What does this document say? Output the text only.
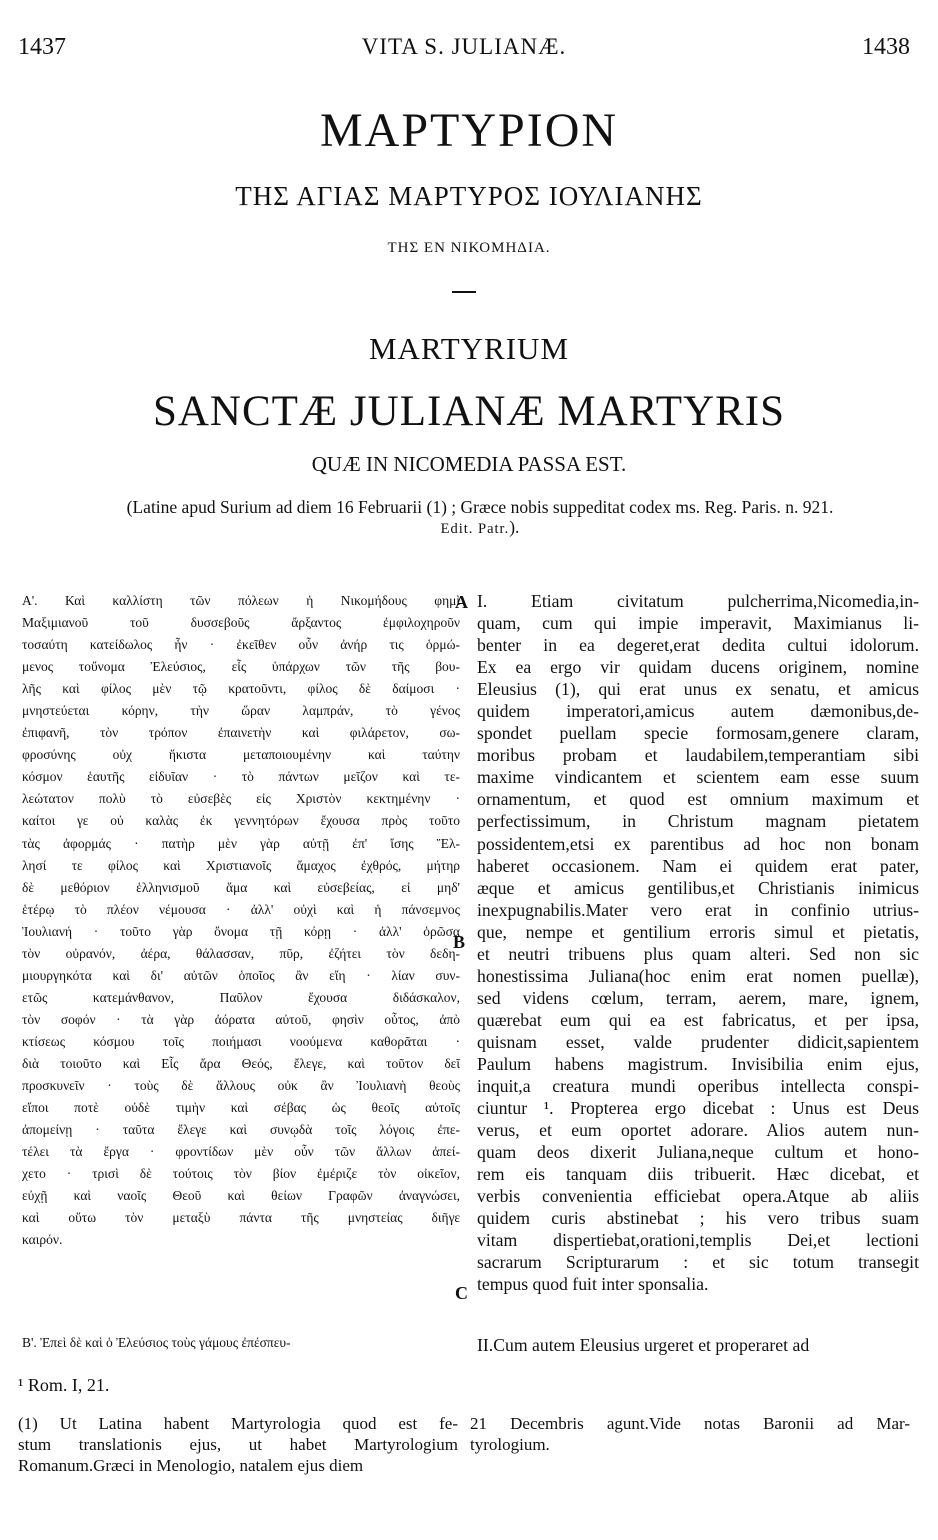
1437	VITA S. JULIANÆ.	1438
ΜΑΡΤΥΡΙΟΝ
ΤΗΣ ΑΓΙΑΣ ΜΑΡΤΥΡΟΣ ΙΟΥΛΙΑΝΗΣ
ΤΗΣ ΕΝ ΝΙΚΟΜΗΔΙΑ.
MARTYRIUM
SANCTÆ JULIANÆ MARTYRIS
QUÆ IN NICOMEDIA PASSA EST.
(Latine apud Surium ad diem 16 Februarii (1) ; Græce nobis suppeditat codex ms. Reg. Paris. n. 921.
Edit. Patr.).
Α'. Καὶ καλλίστη τῶν πόλεων ἡ Νικομήδους φημὶ
Μαξιμιανοῦ τοῦ δυσσεβοῦς ἄρξαντος ἐμφιλοχηροῦν
τοσαύτη κατείδωλος ἦν · ἐκεῖθεν οὖν ἀνήρ τις ὁρμώ-
μενος τοὔνομα Ἐλεύσιος, εἷς ὑπάρχων τῶν τῆς βου-
λῆς καὶ φίλος μὲν τῷ κρατοῦντι, φίλος δὲ δαίμοσι ·
μνηστεύεται κόρην, τὴν ὥραν λαμπράν, τὸ γένος
ἐπιφανῆ, τὸν τρόπον ἐπαινετὴν καὶ φιλάρετον, σω-
φροσύνης οὐχ ἥκιστα μεταποιουμένην καὶ ταύτην
κόσμον ἑαυτῆς εἰδυῖαν · τὸ πάντων μεῖζον καὶ τε-
λεώτατον πολὺ τὸ εὐσεβὲς εἰς Χριστὸν κεκτημένην ·
καίτοι γε οὐ καλὰς ἐκ γεννητόρων ἔχουσα πρὸς τοῦτο
τὰς ἀφορμάς · πατὴρ μὲν γὰρ αὐτῇ ἐπ' ἴσης Ἕλ-
λησί τε φίλος καὶ Χριστιανοῖς ἄμαχος ἐχθρός, μήτηρ
δὲ μεθόριον ἑλληνισμοῦ ἅμα καὶ εὐσεβείας, εἰ μηδ'
ἑτέρῳ τὸ πλέον νέμουσα · ἀλλ' οὐχὶ καὶ ἡ πάνσεμνος
Ἰουλιανή · τοῦτο γὰρ ὄνομα τῇ κόρῃ · ἀλλ' ὁρῶσα
τὸν οὐρανόν, ἀέρα, θάλασσαν, πῦρ, ἐζήτει τὸν δεδη-
μιουργηκότα καὶ δι' αὐτῶν ὁποῖος ἂν εἴη · λίαν συν-
ετῶς κατεμάνθανον, Παῦλον ἔχουσα διδάσκαλον,
τὸν σοφόν · τὰ γὰρ ἀόρατα αὐτοῦ, φησὶν οὗτος, ἀπὸ
κτίσεως κόσμου τοῖς ποιήμασι νοούμενα καθορᾶται ·
διὰ τοιοῦτο καὶ Εἷς ἄρα Θεός, ἔλεγε, καὶ τοῦτον δεῖ
προσκυνεῖν · τοὺς δὲ ἄλλους οὐκ ἂν Ἰουλιανὴ θεοὺς
εἴποι ποτὲ οὐδὲ τιμὴν καὶ σέβας ὡς θεοῖς αὐτοῖς
ἀπομείνῃ · ταῦτα ἔλεγε καὶ συνῳδὰ τοῖς λόγοις ἐπε-
τέλει τὰ ἔργα · φροντίδων μὲν οὖν τῶν ἄλλων ἀπεί-
χετο · τρισὶ δὲ τούτοις τὸν βίον ἐμέριζε τὸν οἰκεῖον,
εὐχῇ καὶ ναοῖς Θεοῦ καὶ θείων Γραφῶν ἀναγνώσει,
καὶ οὕτω τὸν μεταξὺ πάντα τῆς μνηστείας διῆγε
καιρόν.
I. Etiam civitatum pulcherrima,Nicomedia,in-
quam, cum qui impie imperavit, Maximianus li-
benter in ea degeret,erat dedita cultui idolorum.
Ex ea ergo vir quidam ducens originem, nomine
Eleusius (1), qui erat unus ex senatu, et amicus
quidem imperatori,amicus autem dæmonibus,de-
spondet puellam specie formosam,genere claram,
moribus probam et laudabilem,temperantiam sibi
maxime vindicantem et scientem eam esse suum
ornamentum, et quod est omnium maximum et
perfectissimum, in Christum magnam pietatem
possidentem,etsi ex parentibus ad hoc non bonam
haberet occasionem. Nam ei quidem erat pater,
æque et amicus gentilibus,et Christianis inimicus
inexpugnabilis.Mater vero erat in confinio utrius-
que, nempe et gentilium erroris simul et pietatis,
et neutri tribuens plus quam alteri. Sed non sic
honestissima Juliana(hoc enim erat nomen puellæ),
sed videns cœlum, terram, aerem, mare, ignem,
quærebat eum qui ea est fabricatus, et per ipsa,
quisnam esset, valde prudenter didicit,sapientem
Paulum habens magistrum. Invisibilia enim ejus,
inquit,a creatura mundi operibus intellecta conspi-
ciuntur ¹. Propterea ergo dicebat : Unus est Deus
verus, et eum oportet adorare. Alios autem nun-
quam deos dixerit Juliana,neque cultum et hono-
rem eis tanquam diis tribuerit. Hæc dicebat, et
verbis convenientia efficiebat opera.Atque ab aliis
quidem curis abstinebat ; his vero tribus suam
vitam dispertiebat,orationi,templis Dei,et lectioni
sacrarum Scripturarum : et sic totum transegit
tempus quod fuit inter sponsalia.
A
B
C
Β'. Ἐπεὶ δὲ καὶ ὁ Ἐλεύσιος τοὺς γάμους ἐπέσπευ-	II.Cum autem Eleusius urgeret et properaret ad
¹ Rom. I, 21.
(1) Ut Latina habent Martyrologia quod est fe-
stum translationis ejus, ut habet Martyrologium
Romanum.Græci in Menologio, natalem ejus diem
21 Decembris agunt.Vide notas Baronii ad Mar-
tyrologium.
